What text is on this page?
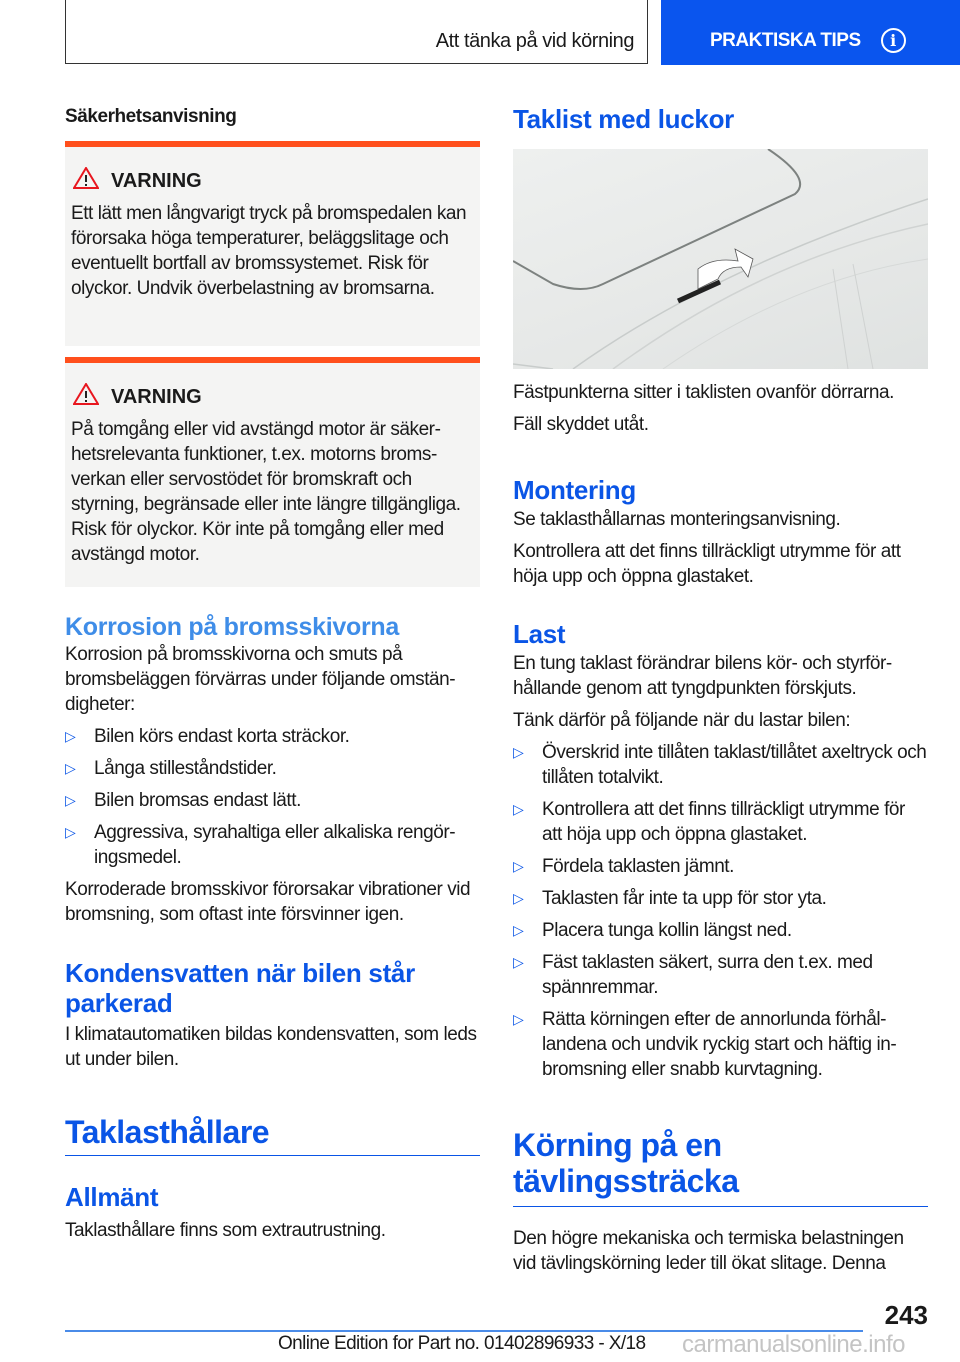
Att tänka på vid körning	PRAKTISKA TIPS	i
Säkerhetsanvisning
VARNING
Ett lätt men långvarigt tryck på bromspedalen kan förorsaka höga temperaturer, beläggslitage och eventuellt bortfall av bromssystemet. Risk för olyckor. Undvik överbelastning av bromsarna.
VARNING
På tomgång eller vid avstängd motor är säkerhetsrelevanta funktioner, t.ex. motorns bromsverkan eller servostödet för bromskraft och styrning, begränsade eller inte längre tillgängliga. Risk för olyckor. Kör inte på tomgång eller med avstängd motor.
Korrosion på bromsskivorna

Korrosion på bromsskivorna och smuts på bromsbeläggen förvärras under följande omständigheter:

▷ Bilen körs endast korta sträckor.
▷ Långa stilleståndstider.
▷ Bilen bromsas endast lätt.
▷ Aggressiva, syrahaltiga eller alkaliska rengöringsmedel.

Korroderade bromsskivor förorsakar vibrationer vid bromsning, som oftast inte försvinner igen.

Kondensvatten när bilen står parkerad

I klimatautomatiken bildas kondensvatten, som leds ut under bilen.

Taklasthållare
Allmänt
Taklasthållare finns som extrautrustning.
Taklist med luckor

Fästpunkterna sitter i taklisten ovanför dörrarna.

Fäll skyddet utåt.

Montering

Se taklasthållarnas monteringsanvisning.

Kontrollera att det finns tillräckligt utrymme för att höja upp och öppna glastaket.

Last

En tung taklast förändrar bilens kör- och styrförhållande genom att tyngdpunkten förskjuts.

Tänk därför på följande när du lastar bilen:

▷ Överskrid inte tillåten taklast/tillåtet axeltryck och tillåten totalvikt.
▷ Kontrollera att det finns tillräckligt utrymme för att höja upp och öppna glastaket.
▷ Fördela taklasten jämnt.
▷ Taklasten får inte ta upp för stor yta.
▷ Placera tunga kollin längst ned.
▷ Fäst taklasten säkert, surra den t.ex. med spännremmar.
▷ Rätta körningen efter de annorlunda förhållandena och undvik ryckig start och häftig inbromsning eller snabb kurvtagning.
Körning på en tävlingssträcka
Den högre mekaniska och termiska belastningen vid tävlingskörning leder till ökat slitage. Denna
243
Online Edition for Part no. 01402896933 - X/18 carmanualsonline.info
